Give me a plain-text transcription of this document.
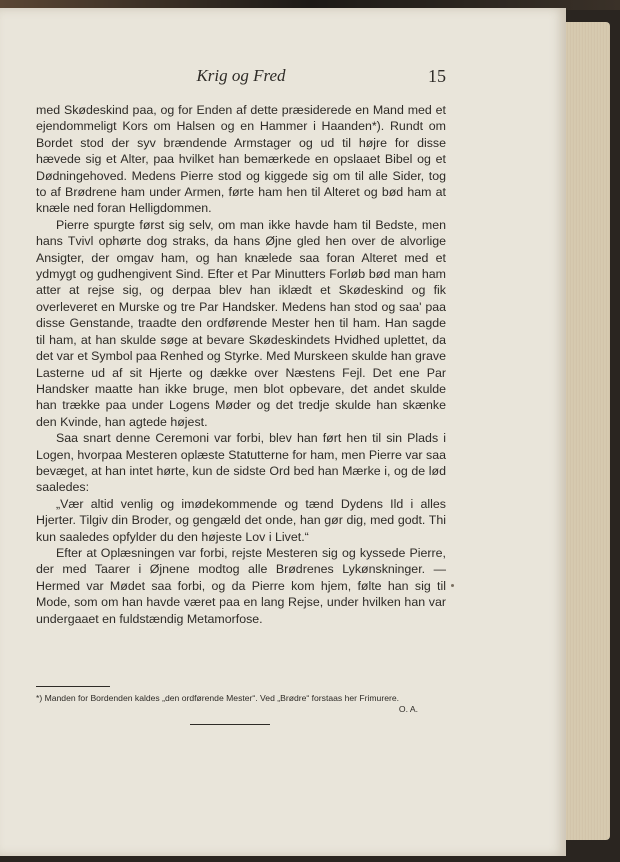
Krig og Fred	15

med Skødeskind paa, og for Enden af dette præsiderede en Mand med et ejendommeligt Kors om Halsen og en Hammer i Haanden*). Rundt om Bordet stod der syv brændende Armstager og ud til højre for disse hævede sig et Alter, paa hvilket han bemærkede en opslaaet Bibel og et Dødningehoved. Medens Pierre stod og kiggede sig om til alle Sider, tog to af Brødrene ham under Armen, førte ham hen til Alteret og bød ham at knæle ned foran Helligdommen.

Pierre spurgte først sig selv, om man ikke havde ham til Bedste, men hans Tvivl ophørte dog straks, da hans Øjne gled hen over de alvorlige Ansigter, der omgav ham, og han knælede saa foran Alteret med et ydmygt og gudhengivent Sind. Efter et Par Minutters Forløb bød man ham atter at rejse sig, og derpaa blev han iklædt et Skødeskind og fik overleveret en Murske og tre Par Handsker. Medens han stod og saa' paa disse Genstande, traadte den ordførende Mester hen til ham. Han sagde til ham, at han skulde søge at bevare Skødeskindets Hvidhed uplettet, da det var et Symbol paa Renhed og Styrke. Med Murskeen skulde han grave Lasterne ud af sit Hjerte og dække over Næstens Fejl. Det ene Par Handsker maatte han ikke bruge, men blot opbevare, det andet skulde han trække paa under Logens Møder og det tredje skulde han skænke den Kvinde, han agtede højest.

Saa snart denne Ceremoni var forbi, blev han ført hen til sin Plads i Logen, hvorpaa Mesteren oplæste Statutterne for ham, men Pierre var saa bevæget, at han intet hørte, kun de sidste Ord bed han Mærke i, og de lød saaledes:

„Vær altid venlig og imødekommende og tænd Dydens Ild i alles Hjerter. Tilgiv din Broder, og gengæld det onde, han gør dig, med godt. Thi kun saaledes opfylder du den højeste Lov i Livet.“

Efter at Oplæsningen var forbi, rejste Mesteren sig og kyssede Pierre, der med Taarer i Øjnene modtog alle Brødrenes Lykønskninger. — Hermed var Mødet saa forbi, og da Pierre kom hjem, følte han sig til Mode, som om han havde været paa en lang Rejse, under hvilken han var undergaaet en fuldstændig Metamorfose.

*) Manden for Bordenden kaldes „den ordførende Mester“. Ved „Brødre“ forstaas her Frimurere.
O. A.
